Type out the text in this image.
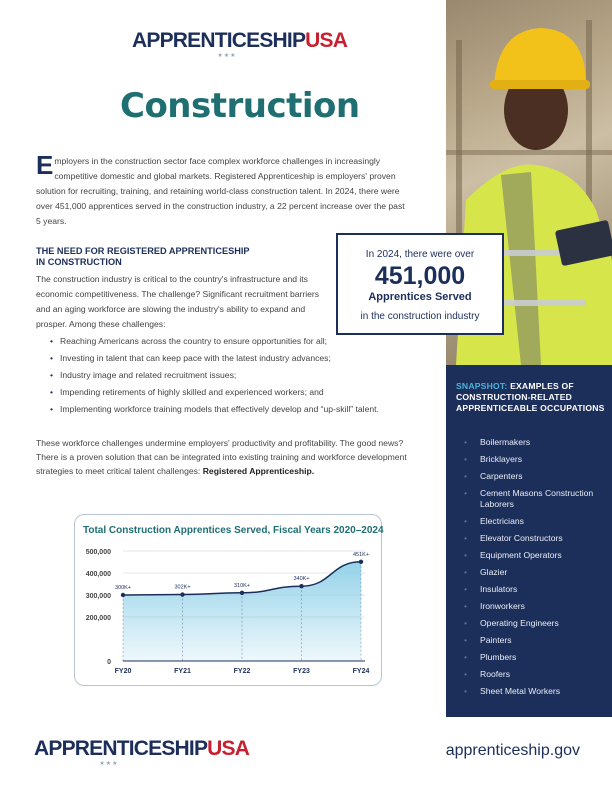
APPRENTICESHIPUSA
★★★
Construction
Employers in the construction sector face complex workforce challenges in increasingly competitive domestic and global markets. Registered Apprenticeship is employers' proven solution for recruiting, training, and retaining world-class construction talent. In 2024, there were over 451,000 apprentices served in the construction industry, a 22 percent increase over the past 5 years.
In 2024, there were over
451,000
Apprentices Served
in the construction industry
THE NEED FOR REGISTERED APPRENTICESHIP
IN CONSTRUCTION
The construction industry is critical to the country's infrastructure and its economic competitiveness. The challenge? Significant recruitment barriers and an aging workforce are slowing the industry's ability to expand and prosper. Among these challenges:
• Reaching Americans across the country to ensure opportunities for all;
• Investing in talent that can keep pace with the latest industry advances;
• Industry image and related recruitment issues;
• Impending retirements of highly skilled and experienced workers; and
• Implementing workforce training models that effectively develop and “up-skill” talent.
These workforce challenges undermine employers' productivity and profitability. The good news? There is a proven solution that can be integrated into existing training and workforce development strategies to meet critical talent challenges: Registered Apprenticeship.
Total Construction Apprentices Served, Fiscal Years 2020–2024
0
200,000
300,000
400,000
500,000
300K+
FY20
302K+
FY21
310K+
FY22
340K+
FY23
451K+
FY24
SNAPSHOT: EXAMPLES OF CONSTRUCTION-RELATED APPRENTICEABLE OCCUPATIONS
• Boilermakers
• Bricklayers
• Carpenters
• Cement Masons Construction Laborers
• Electricians
• Elevator Constructors
• Equipment Operators
• Glazier
• Insulators
• Ironworkers
• Operating Engineers
• Painters
• Plumbers
• Roofers
• Sheet Metal Workers
APPRENTICESHIPUSA
★★★
apprenticeship.gov
